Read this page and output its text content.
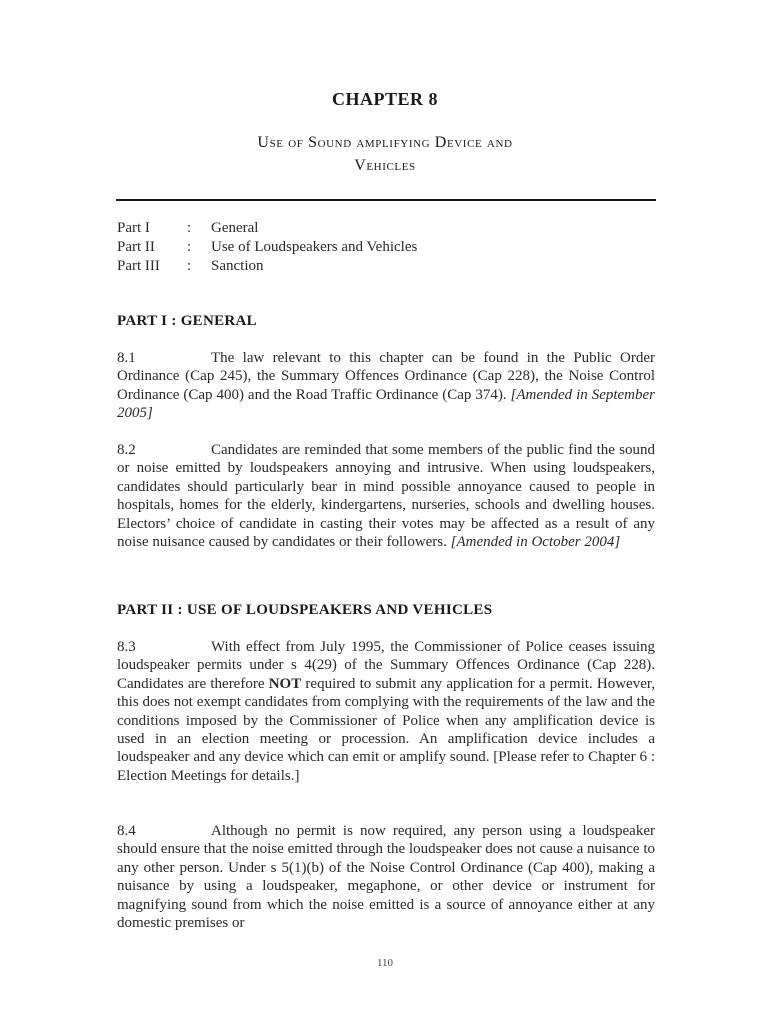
CHAPTER 8
Use of Sound amplifying Device and
Vehicles
Part I : General
Part II : Use of Loudspeakers and Vehicles
Part III : Sanction
PART I : GENERAL
8.1	The law relevant to this chapter can be found in the Public Order Ordinance (Cap 245), the Summary Offences Ordinance (Cap 228), the Noise Control Ordinance (Cap 400) and the Road Traffic Ordinance (Cap 374). [Amended in September 2005]
8.2	Candidates are reminded that some members of the public find the sound or noise emitted by loudspeakers annoying and intrusive. When using loudspeakers, candidates should particularly bear in mind possible annoyance caused to people in hospitals, homes for the elderly, kindergartens, nurseries, schools and dwelling houses. Electors’ choice of candidate in casting their votes may be affected as a result of any noise nuisance caused by candidates or their followers. [Amended in October 2004]
PART II : USE OF LOUDSPEAKERS AND VEHICLES
8.3	With effect from July 1995, the Commissioner of Police ceases issuing loudspeaker permits under s 4(29) of the Summary Offences Ordinance (Cap 228). Candidates are therefore NOT required to submit any application for a permit. However, this does not exempt candidates from complying with the requirements of the law and the conditions imposed by the Commissioner of Police when any amplification device is used in an election meeting or procession. An amplification device includes a loudspeaker and any device which can emit or amplify sound. [Please refer to Chapter 6 : Election Meetings for details.]
8.4	Although no permit is now required, any person using a loudspeaker should ensure that the noise emitted through the loudspeaker does not cause a nuisance to any other person. Under s 5(1)(b) of the Noise Control Ordinance (Cap 400), making a nuisance by using a loudspeaker, megaphone, or other device or instrument for magnifying sound from which the noise emitted is a source of annoyance either at any domestic premises or
110
